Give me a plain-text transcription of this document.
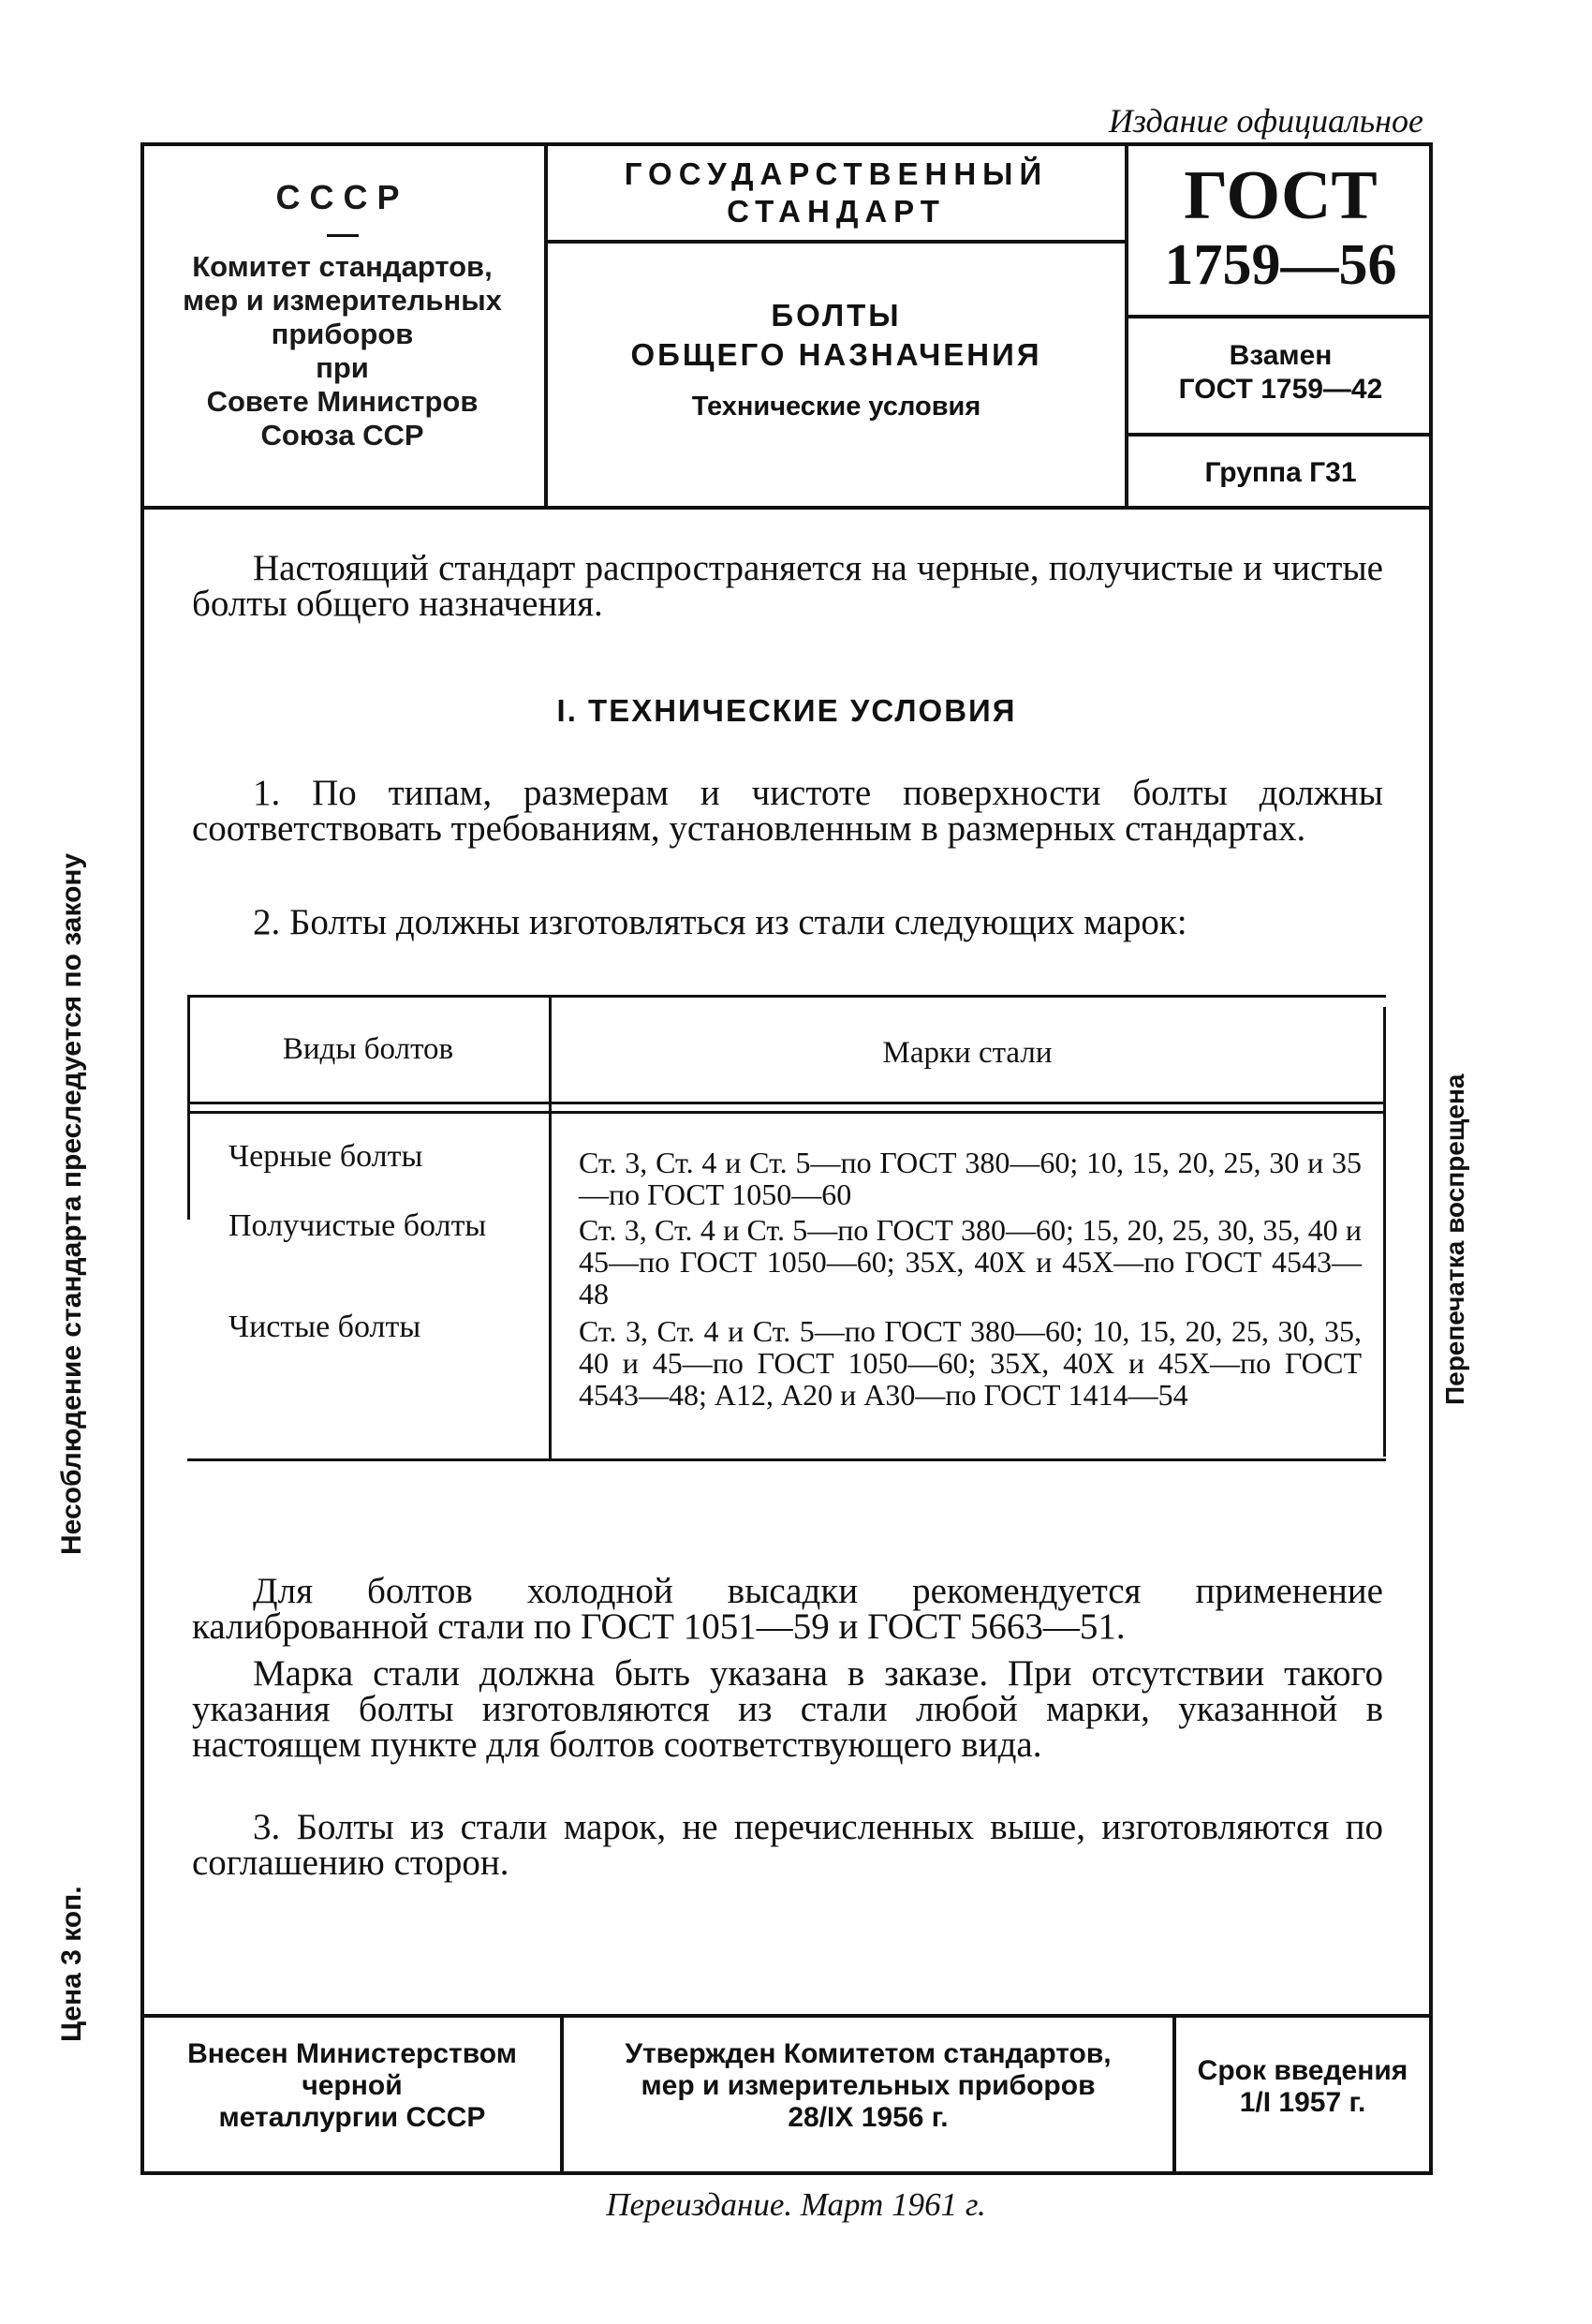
Издание официальное
СССР
Комитет стандартов,
мер и измерительных
приборов
при
Совете Министров
Союза ССР
ГОСУДАРСТВЕННЫЙ
СТАНДАРТ
БОЛТЫ
ОБЩЕГО НАЗНАЧЕНИЯ
Технические условия
ГОСТ
1759—56
Взамен
ГОСТ 1759—42
Группа Г31
Настоящий стандарт распространяется на черные, получистые и чистые болты общего назначения.
I. ТЕХНИЧЕСКИЕ УСЛОВИЯ
1. По типам, размерам и чистоте поверхности болты должны соответствовать требованиям, установленным в размерных стандартах.
2. Болты должны изготовляться из стали следующих марок:
Виды болтов	Марки стали
Черные болты	Ст. 3, Ст. 4 и Ст. 5—по ГОСТ 380—60; 10, 15, 20, 25, 30 и 35—по ГОСТ 1050—60
Получистые болты	Ст. 3, Ст. 4 и Ст. 5—по ГОСТ 380—60; 15, 20, 25, 30, 35, 40 и 45—по ГОСТ 1050—60; 35Х, 40Х и 45Х—по ГОСТ 4543—48
Чистые болты	Ст. 3, Ст. 4 и Ст. 5—по ГОСТ 380—60; 10, 15, 20, 25, 30, 35, 40 и 45—по ГОСТ 1050—60; 35Х, 40Х и 45Х—по ГОСТ 4543—48; А12, А20 и А30—по ГОСТ 1414—54
Для болтов холодной высадки рекомендуется применение калиброванной стали по ГОСТ 1051—59 и ГОСТ 5663—51.
Марка стали должна быть указана в заказе. При отсутствии такого указания болты изготовляются из стали любой марки, указанной в настоящем пункте для болтов соответствующего вида.
3. Болты из стали марок, не перечисленных выше, изготовляются по соглашению сторон.
Внесен Министерством
черной
металлургии СССР
Утвержден Комитетом стандартов,
мер и измерительных приборов
28/IX 1956 г.
Срок введения
1/I 1957 г.
Несоблюдение стандарта преследуется по закону
Цена 3 коп.
Перепечатка воспрещена
Переиздание. Март 1961 г.
